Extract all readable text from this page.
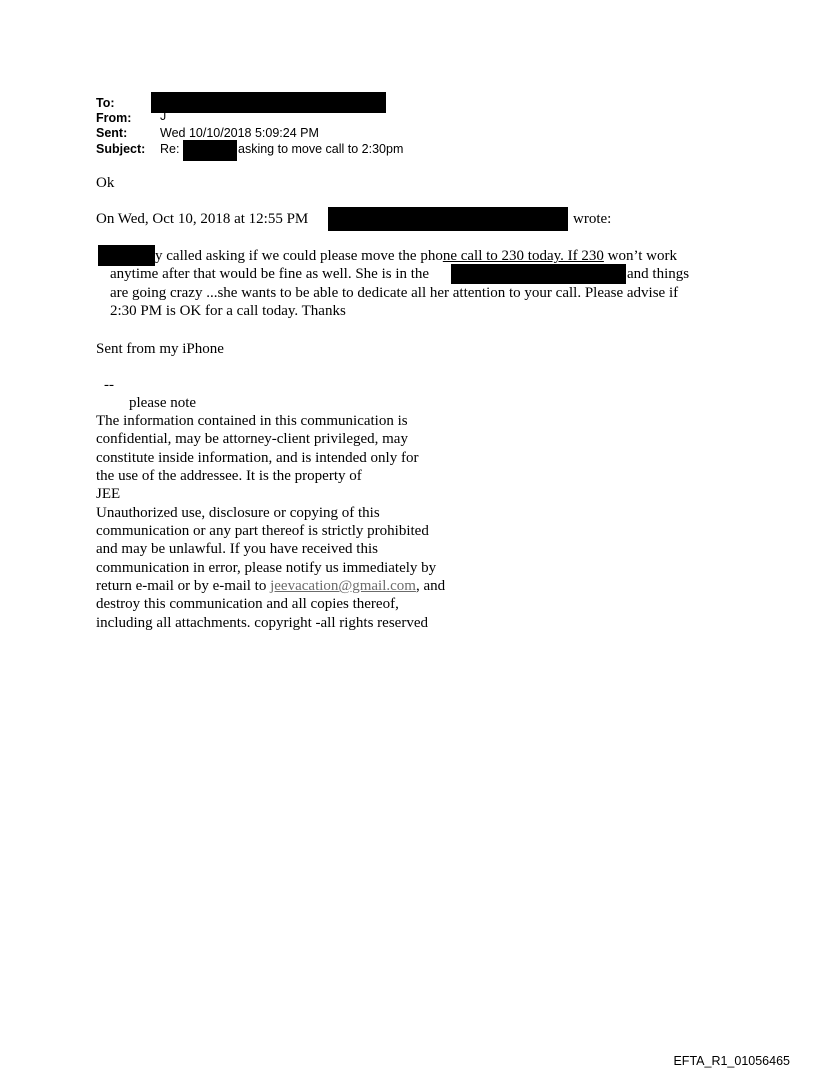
To:
From: J
Sent:	Wed 10/10/2018 5:09:24 PM
Subject: Re:	asking to move call to 2:30pm
Ok
On Wed, Oct 10, 2018 at 12:55 PM	wrote:
y called asking if we could please move the phone call to 230 today. If 230 won’t work
anytime after that would be fine as well. She is in the	and things
are going crazy ...she wants to be able to dedicate all her attention to your call. Please advise if
2:30 PM is OK for a call today. Thanks
Sent from my iPhone
--
please note
The information contained in this communication is
confidential, may be attorney-client privileged, may
constitute inside information, and is intended only for
the use of the addressee. It is the property of
JEE
Unauthorized use, disclosure or copying of this
communication or any part thereof is strictly prohibited
and may be unlawful. If you have received this
communication in error, please notify us immediately by
return e-mail or by e-mail to jeevacation@gmail.com, and
destroy this communication and all copies thereof,
including all attachments. copyright -all rights reserved
EFTA_R1_01056465
